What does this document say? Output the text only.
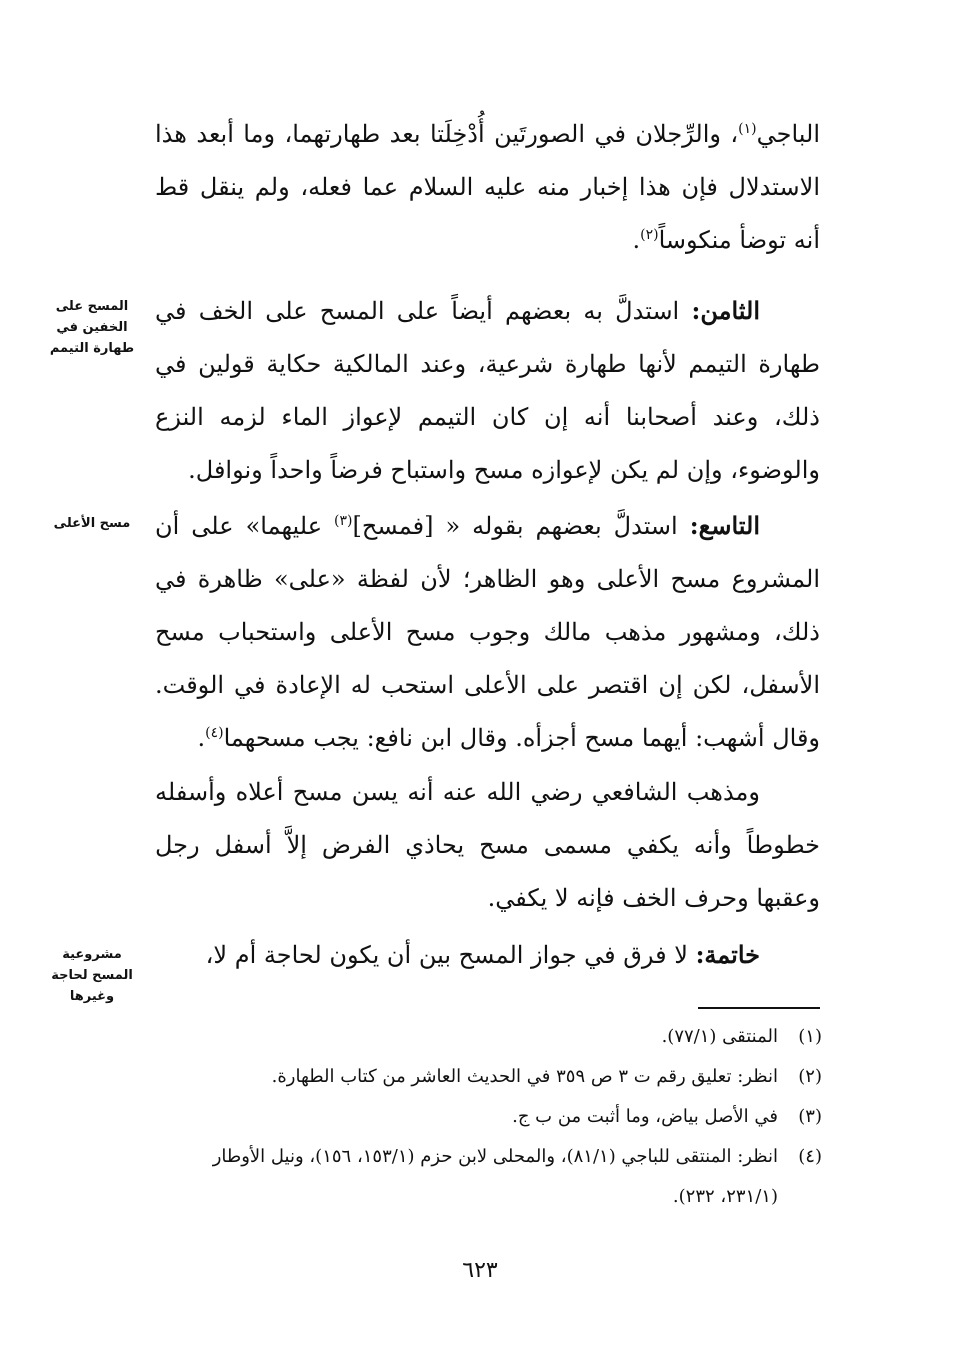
الباجي$^{(١)}$، والرِّجلان في الصورتَين أُدْخِلَتا بعد طهارتهما، وما أبعد هذا الاستدلال فإن هذا إخبار منه عليه السلام عما فعله، ولم ينقل قط أنه توضأ منكوساً$^{(٢)}$.

الثامن: استدلَّ به بعضهم أيضاً على المسح على الخف في طهارة التيمم لأنها طهارة شرعية، وعند المالكية حكاية قولين في ذلك، وعند أصحابنا أنه إن كان التيمم لإعواز الماء لزمه النزع والوضوء، وإن لم يكن لإعوازه مسح واستباح فرضاً واحداً ونوافل.

التاسع: استدلَّ بعضهم بقوله « [فمسح]$^{(٣)}$ عليهما» على أن المشروع مسح الأعلى وهو الظاهر؛ لأن لفظة «على» ظاهرة في ذلك، ومشهور مذهب مالك وجوب مسح الأعلى واستحباب مسح الأسفل، لكن إن اقتصر على الأعلى استحب له الإعادة في الوقت. وقال أشهب: أيهما مسح أجزأه. وقال ابن نافع: يجب مسحهما$^{(٤)}$.

ومذهب الشافعي رضي الله عنه أنه يسن مسح أعلاه وأسفله خطوطاً وأنه يكفي مسمى مسح يحاذي الفرض إلاَّ أسفل رجل وعقبها وحرف الخف فإنه لا يكفي.

خاتمة: لا فرق في جواز المسح بين أن يكون لحاجة أم لا،

المسح على الخفين في طهارة التيمم
مسح الأعلى
مشروعية المسح لحاجة وغيرها
(١)
المنتقى (٧٧/١).
(٢)
انظر: تعليق رقم ت ٣ ص ٣٥٩ في الحديث العاشر من كتاب الطهارة.
(٣)
في الأصل بياض، وما أثبت من ب ج.
(٤)
انظر: المنتقى للباجي (٨١/١)، والمحلى لابن حزم (١٥٣/١، ١٥٦)، ونيل الأوطار (٢٣١/١، ٢٣٢).
٦٢٣
